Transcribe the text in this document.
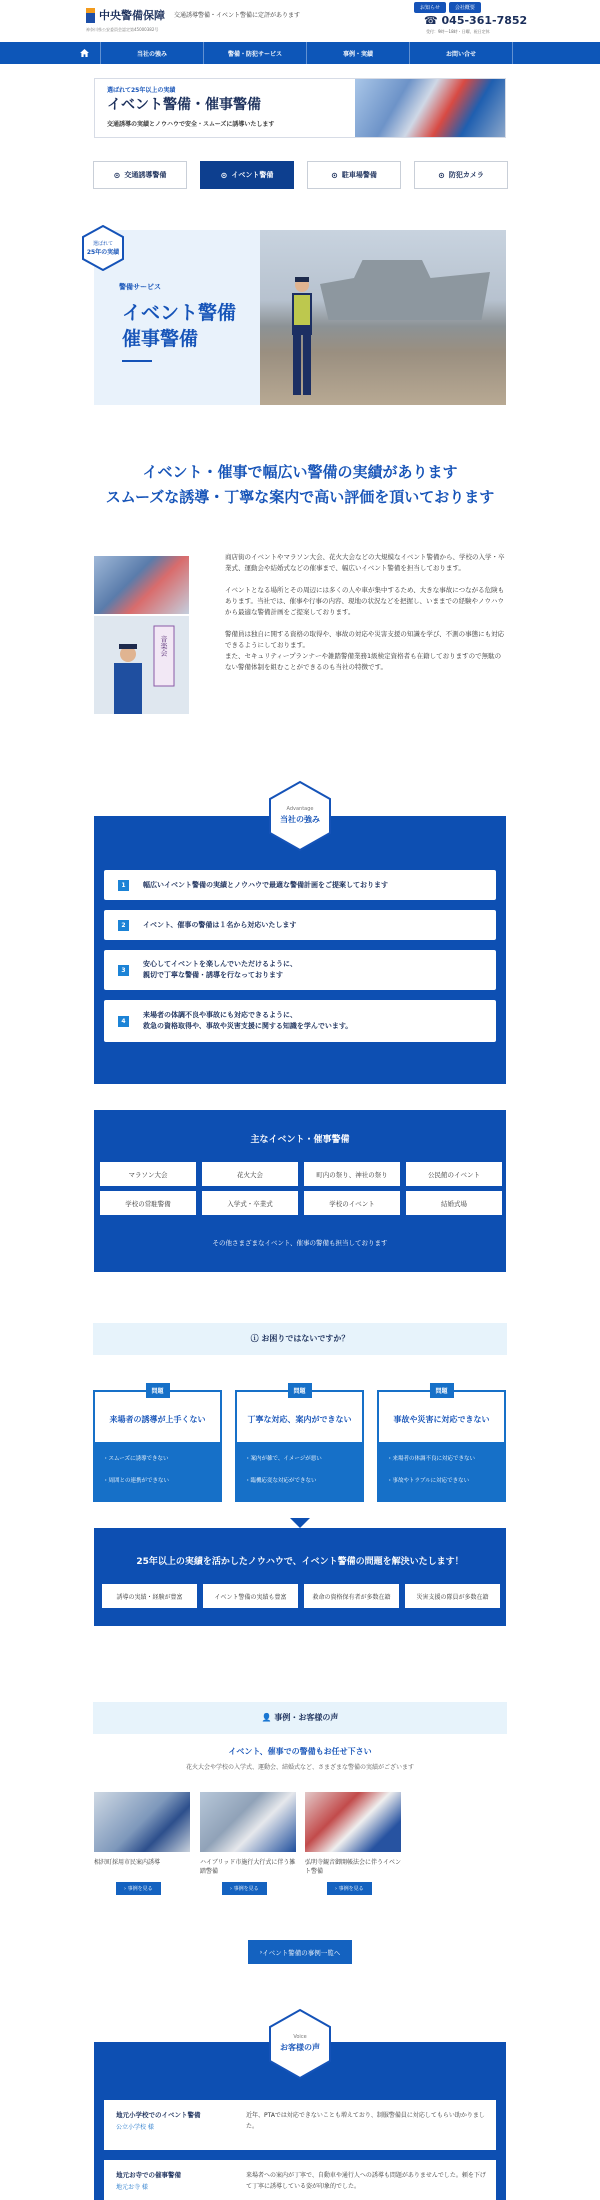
中央警備保障
神奈川県公安委員会認定第45000382号
交通誘導警備・イベント警備に定評があります
お知らせ	会社概要
☎ 045-361-7852
受付：9時〜18時・日曜、祝日定休
当社の強み	警備・防犯サービス	事例・実績	お問い合せ
選ばれて25年以上の実績
イベント警備・催事警備
交通誘導の実績とノウハウで安全・スムーズに誘導いたします
⊙ 交通誘導警備	⊙ イベント警備	⊙ 駐車場警備	⊙ 防犯カメラ
警備サービス
イベント警備
催事警備
選ばれて
25年の実績
イベント・催事で幅広い警備の実績があります
スムーズな誘導・丁寧な案内で高い評価を頂いております
音楽会

商店街のイベントやマラソン大会、花火大会などの大規模なイベント警備から、学校の入学・卒業式、運動会や結婚式などの催事まで、幅広いイベント警備を担当しております。

イベントとなる場所とその周辺には多くの人や車が集中するため、大きな事故につながる危険もあります。当社では、催事や行事の内容、現地の状況などを把握し、いままでの経験やノウハウから最適な警備計画をご提案しております。

警備員は独自に開する資格の取得や、事故の対応や災害支援の知識を学び、不測の事態にも対応できるようにしております。
また、セキュリティープランナーや雑踏警備業務1級検定資格者も在籍しておりますので無駄のない警備体制を組むことができるのも当社の特徴です。

1	幅広いイベント警備の実績とノウハウで最適な警備計画をご提案しております
2	イベント、催事の警備は１名から対応いたします
3
安心してイベントを楽しんでいただけるように、
親切で丁寧な警備・誘導を行なっております
4
来場者の体調不良や事故にも対応できるように、
救急の資格取得や、事故や災害支援に関する知識を学んでいます。
Advantage
当社の強み
主なイベント・催事警備
マラソン大会	花火大会	町内の祭り、神社の祭り	公民館のイベント
学校の常駐警備	入学式・卒業式	学校のイベント	結婚式場
その他さまざまなイベント、催事の警備も担当しております
ⓘ お困りではないですか？
問題
来場者の誘導が上手くない
・スムーズに誘導できない
・周囲との連携ができない
問題
丁寧な対応、案内ができない
・案内が雑で、イメージが悪い
・臨機応変な対応ができない
問題
事故や災害に対応できない
・来場者の体調不良に対応できない
・事故やトラブルに対応できない
25年以上の実績を活かしたノウハウで、イベント警備の問題を解決いたします！
誘導の実績・経験が豊富	イベント警備の実績も豊富	救命の資格保有者が多数在籍	災害支援の隊員が多数在籍
👤 事例・お客様の声
イベント、催事での警備もお任せ下さい
花火大会や学校の入学式、運動会、結婚式など、さまざまな警備の実績がございます
相沢町採用市民案内誘導
› 事例を見る
ハイブリッド市施行大行式に伴う雑踏警備
› 事例を見る
弘明寺観音御開帳法会に伴うイベント警備
› 事例を見る
› イベント警備の事例一覧へ
地元小学校でのイベント警備
公立小学校 様
近年、PTAでは対応できないことも増えており、制服警備員に対応してもらい助かりました。
地元お寺での催事警備
地元お寺 様
来場者への案内が丁寧で、自動車や通行人への誘導も問題がありませんでした。頼を下げて丁寧に誘導している姿が印象的でした。
Voice
お客様の声
